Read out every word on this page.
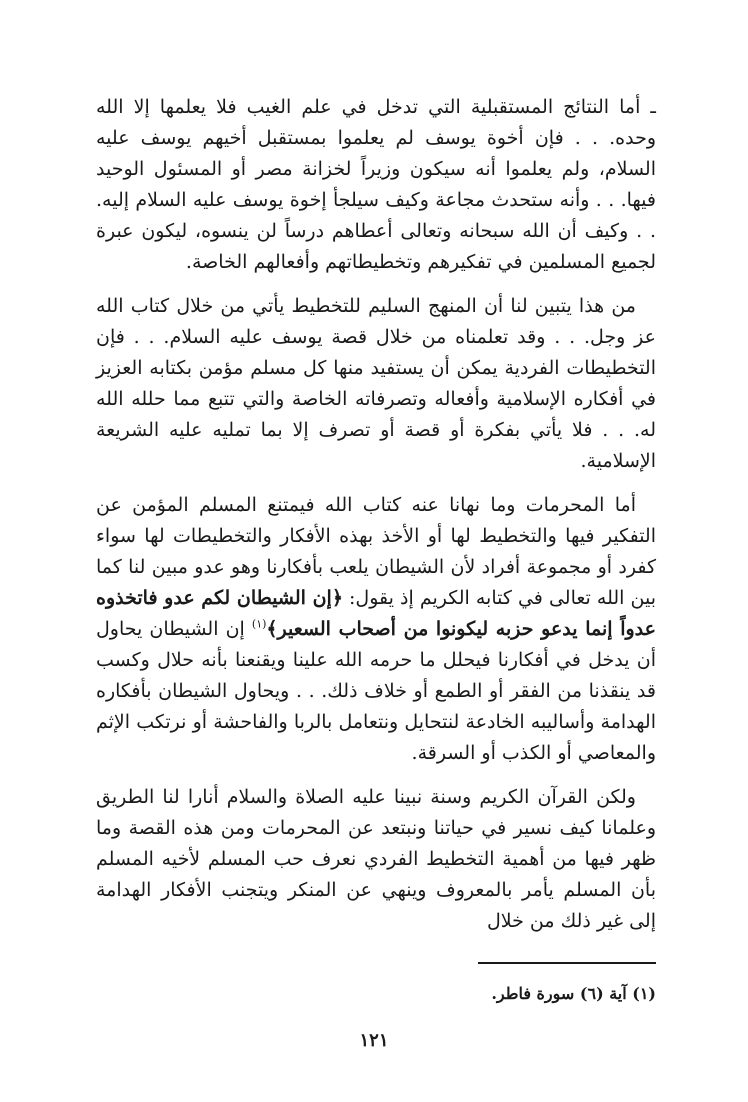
ـ أما النتائج المستقبلية التي تدخل في علم الغيب فلا يعلمها إلا الله وحده. . . فإن أخوة يوسف لم يعلموا بمستقبل أخيهم يوسف عليه السلام، ولم يعلموا أنه سيكون وزيراً لخزانة مصر أو المسئول الوحيد فيها. . . وأنه ستحدث مجاعة وكيف سيلجأ إخوة يوسف عليه السلام إليه. . . وكيف أن الله سبحانه وتعالى أعطاهم درساً لن ينسوه، ليكون عبرة لجميع المسلمين في تفكيرهم وتخطيطاتهم وأفعالهم الخاصة.

من هذا يتبين لنا أن المنهج السليم للتخطيط يأتي من خلال كتاب الله عز وجل. . . وقد تعلمناه من خلال قصة يوسف عليه السلام. . . فإن التخطيطات الفردية يمكن أن يستفيد منها كل مسلم مؤمن بكتابه العزيز في أفكاره الإسلامية وأفعاله وتصرفاته الخاصة والتي تتبع مما حلله الله له. . . فلا يأتي بفكرة أو قصة أو تصرف إلا بما تمليه عليه الشريعة الإسلامية.

أما المحرمات وما نهانا عنه كتاب الله فيمتنع المسلم المؤمن عن التفكير فيها والتخطيط لها أو الأخذ بهذه الأفكار والتخطيطات لها سواء كفرد أو مجموعة أفراد لأن الشيطان يلعب بأفكارنا وهو عدو مبين لنا كما بين الله تعالى في كتابه الكريم إذ يقول: ﴿إن الشيطان لكم عدو فاتخذوه عدواً إنما يدعو حزبه ليكونوا من أصحاب السعير﴾$^{(١)}$ إن الشيطان يحاول أن يدخل في أفكارنا فيحلل ما حرمه الله علينا ويقنعنا بأنه حلال وكسب قد ينقذنا من الفقر أو الطمع أو خلاف ذلك. . . ويحاول الشيطان بأفكاره الهدامة وأساليبه الخادعة لنتحايل ونتعامل بالربا والفاحشة أو نرتكب الإثم والمعاصي أو الكذب أو السرقة.

ولكن القرآن الكريم وسنة نبينا عليه الصلاة والسلام أنارا لنا الطريق وعلمانا كيف نسير في حياتنا ونبتعد عن المحرمات ومن هذه القصة وما ظهر فيها من أهمية التخطيط الفردي نعرف حب المسلم لأخيه المسلم بأن المسلم يأمر بالمعروف وينهي عن المنكر ويتجنب الأفكار الهدامة إلى غير ذلك من خلال

(١) آية (٦) سورة فاطر.
١٢١
